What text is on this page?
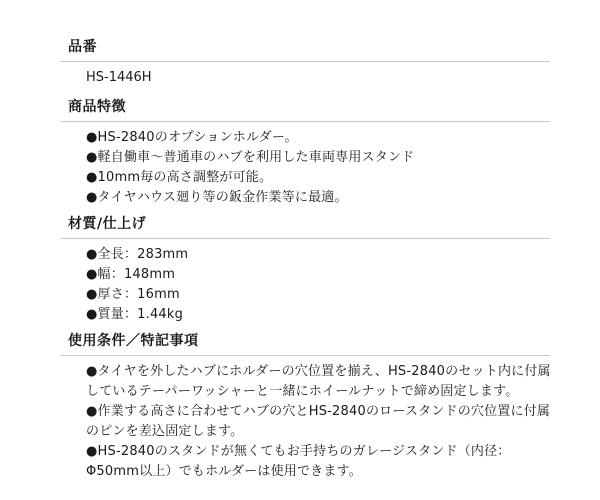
品番
HS-1446H
商品特徴
●HS-2840のオプションホルダー。
●軽自働車～普通車のハブを利用した車両専用スタンド
●10mm毎の高さ調整が可能。
●タイヤハウス廻り等の鈑金作業等に最適。
材質/仕上げ
●全長：283mm
●幅：148mm
●厚さ：16mm
●質量：1.44kg
使用条件／特記事項
●タイヤを外したハブにホルダーの穴位置を揃え、HS-2840のセット内に付属
しているテーパーワッシャーと一緒にホイールナットで締め固定します。
●作業する高さに合わせてハブの穴とHS-2840のロースタンドの穴位置に付属
のピンを差込固定します。
●HS-2840のスタンドが無くてもお手持ちのガレージスタンド（内径：
Φ50mm以上）でもホルダーは使用できます。
